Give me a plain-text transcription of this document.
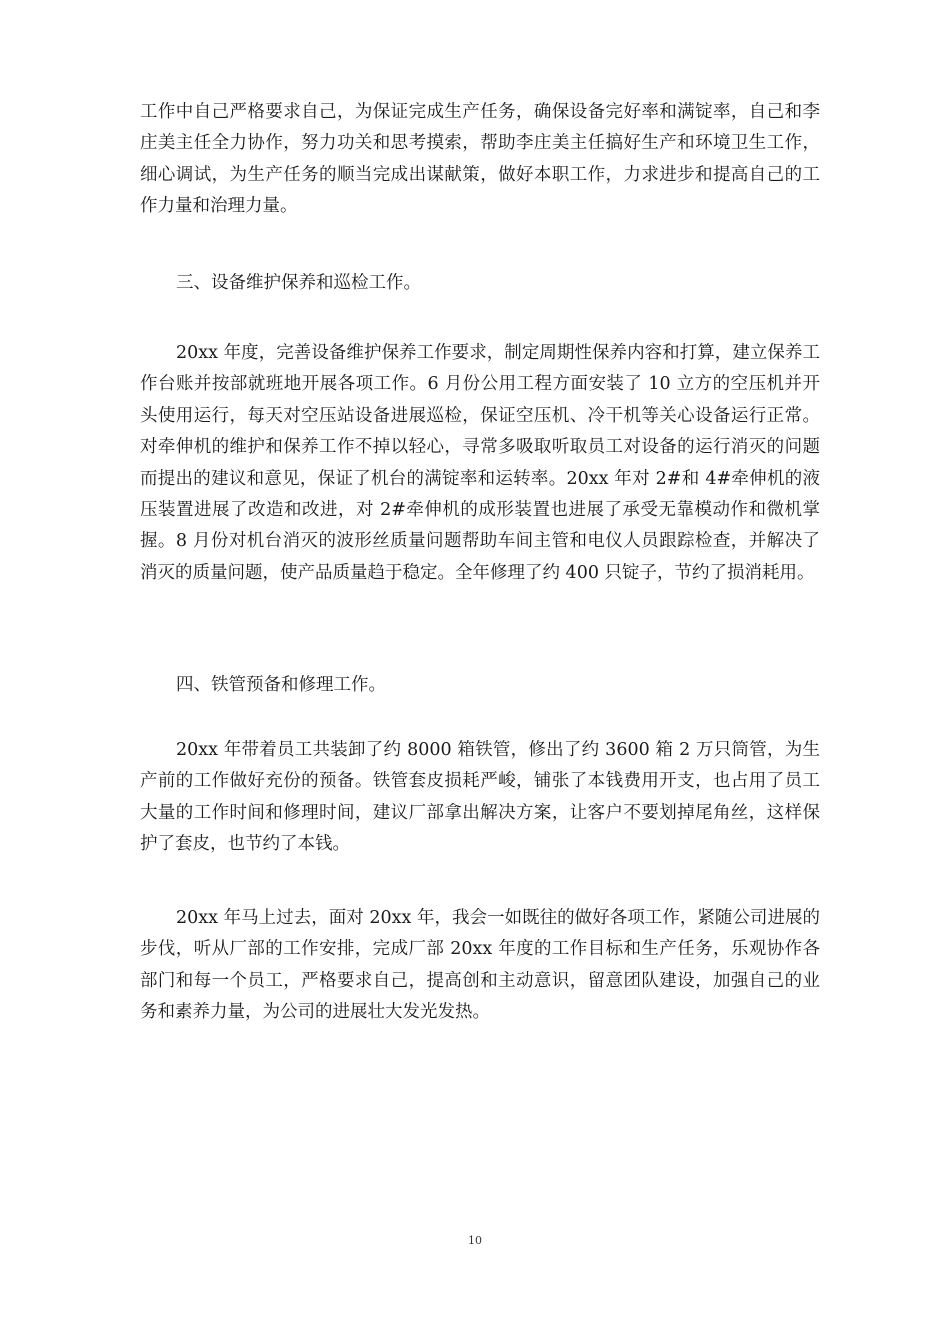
工作中自己严格要求自己，为保证完成生产任务，确保设备完好率和满锭率，自己和李庄美主任全力协作，努力功关和思考摸索，帮助李庄美主任搞好生产和环境卫生工作，细心调试，为生产任务的顺当完成出谋献策，做好本职工作，力求进步和提高自己的工作力量和治理力量。

三、设备维护保养和巡检工作。

20xx 年度，完善设备维护保养工作要求，制定周期性保养内容和打算，建立保养工作台账并按部就班地开展各项工作。6 月份公用工程方面安装了 10 立方的空压机并开头使用运行，每天对空压站设备进展巡检，保证空压机、冷干机等关心设备运行正常。对牵伸机的维护和保养工作不掉以轻心，寻常多吸取听取员工对设备的运行消灭的问题而提出的建议和意见，保证了机台的满锭率和运转率。20xx 年对 2#和 4#牵伸机的液压装置进展了改造和改进，对 2#牵伸机的成形装置也进展了承受无靠模动作和微机掌握。8 月份对机台消灭的波形丝质量问题帮助车间主管和电仪人员跟踪检查，并解决了消灭的质量问题，使产品质量趋于稳定。全年修理了约 400 只锭子，节约了损消耗用。

四、铁管预备和修理工作。

20xx 年带着员工共装卸了约 8000 箱铁管，修出了约 3600 箱 2 万只筒管，为生产前的工作做好充份的预备。铁管套皮损耗严峻，铺张了本钱费用开支，也占用了员工大量的工作时间和修理时间，建议厂部拿出解决方案，让客户不要划掉尾角丝，这样保护了套皮，也节约了本钱。

20xx 年马上过去，面对 20xx 年，我会一如既往的做好各项工作，紧随公司进展的步伐，听从厂部的工作安排，完成厂部 20xx 年度的工作目标和生产任务，乐观协作各部门和每一个员工，严格要求自己，提高创和主动意识，留意团队建设，加强自己的业务和素养力量，为公司的进展壮大发光发热。

10
